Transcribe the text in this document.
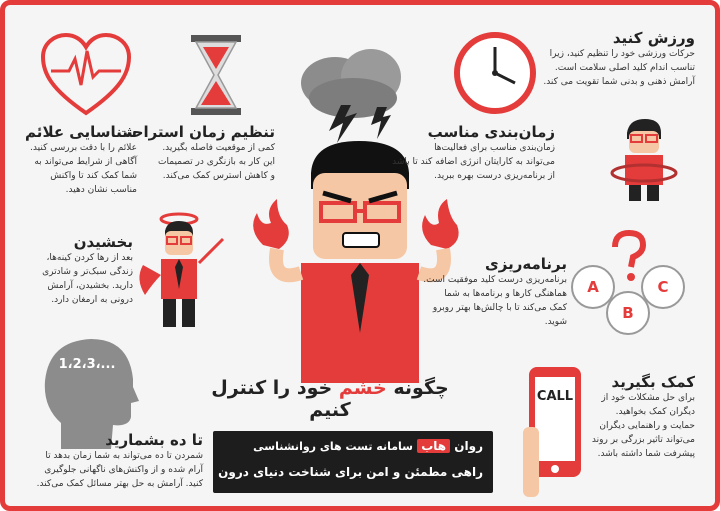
A	C
B
CALL
1،2،3،...
ورزش کنید
حرکات ورزشی خود را تنظیم کنید، زیرا
تناسب اندام کلید اصلی سلامت است.
آرامش ذهنی و بدنی شما تقویت می کند.
زمان‌بندی مناسب
زمان‌بندی مناسب برای فعالیت‌ها
می‌تواند به کارایتان انرژی اضافه کند تا باشد
از برنامه‌ریزی درست بهره ببرید.
تنظیم زمان استراحت
کمی از موقعیت فاصله بگیرید.
این کار به بازنگری در تصمیمات
و کاهش استرس کمک می‌کند.
شناسایی علائم
علائم را با دقت بررسی کنید.
آگاهی از شرایط می‌تواند به
شما کمک کند تا واکنش
مناسب نشان دهید.
بخشیدن
بعد از رها کردن کینه‌ها،
زندگی سبک‌تر و شادتری
دارید. بخشیدن، آرامش
درونی به ارمغان دارد.
برنامه‌ریزی
برنامه‌ریزی درست کلید موفقیت است.
هماهنگی کارها و برنامه‌ها به شما
کمک می‌کند تا با چالش‌ها بهتر روبرو
شوید.
کمک بگیرید
برای حل مشکلات خود از
دیگران کمک بخواهید.
حمایت و راهنمایی دیگران
می‌تواند تاثیر بزرگی بر روند
پیشرفت شما داشته باشد.
تا ده بشمارید
شمردن تا ده می‌تواند به شما زمان بدهد تا
آرام شده و از واکنش‌های ناگهانی جلوگیری
کنید. آرامش به حل بهتر مسائل کمک می‌کند.
چگونه خشم خود را کنترل کنیم
روان هاب سامانه تست های روانشناسی
راهی مطمئن و امن برای شناخت دنیای درون
